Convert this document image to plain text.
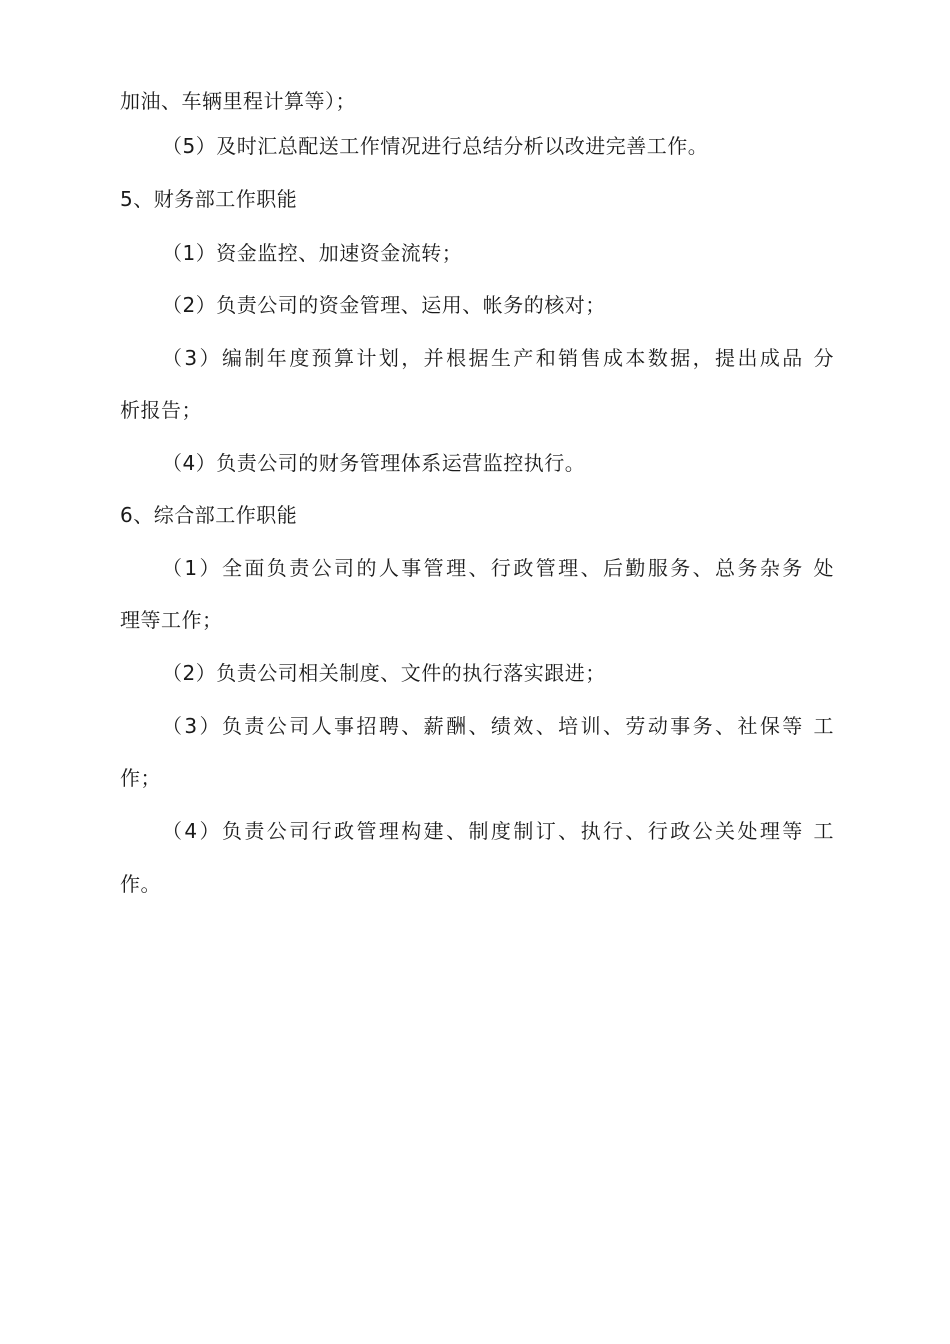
加油、车辆里程计算等）；
（5）及时汇总配送工作情况进行总结分析以改进完善工作。
5、财务部工作职能
（1）资金监控、加速资金流转；
（2）负责公司的资金管理、运用、帐务的核对；
（3）编制年度预算计划，并根据生产和销售成本数据，提出成品 分
析报告；
（4）负责公司的财务管理体系运营监控执行。
6、综合部工作职能
（1）全面负责公司的人事管理、行政管理、后勤服务、总务杂务 处
理等工作；
（2）负责公司相关制度、文件的执行落实跟进；
（3）负责公司人事招聘、薪酬、绩效、培训、劳动事务、社保等 工
作；
（4）负责公司行政管理构建、制度制订、执行、行政公关处理等 工
作。
